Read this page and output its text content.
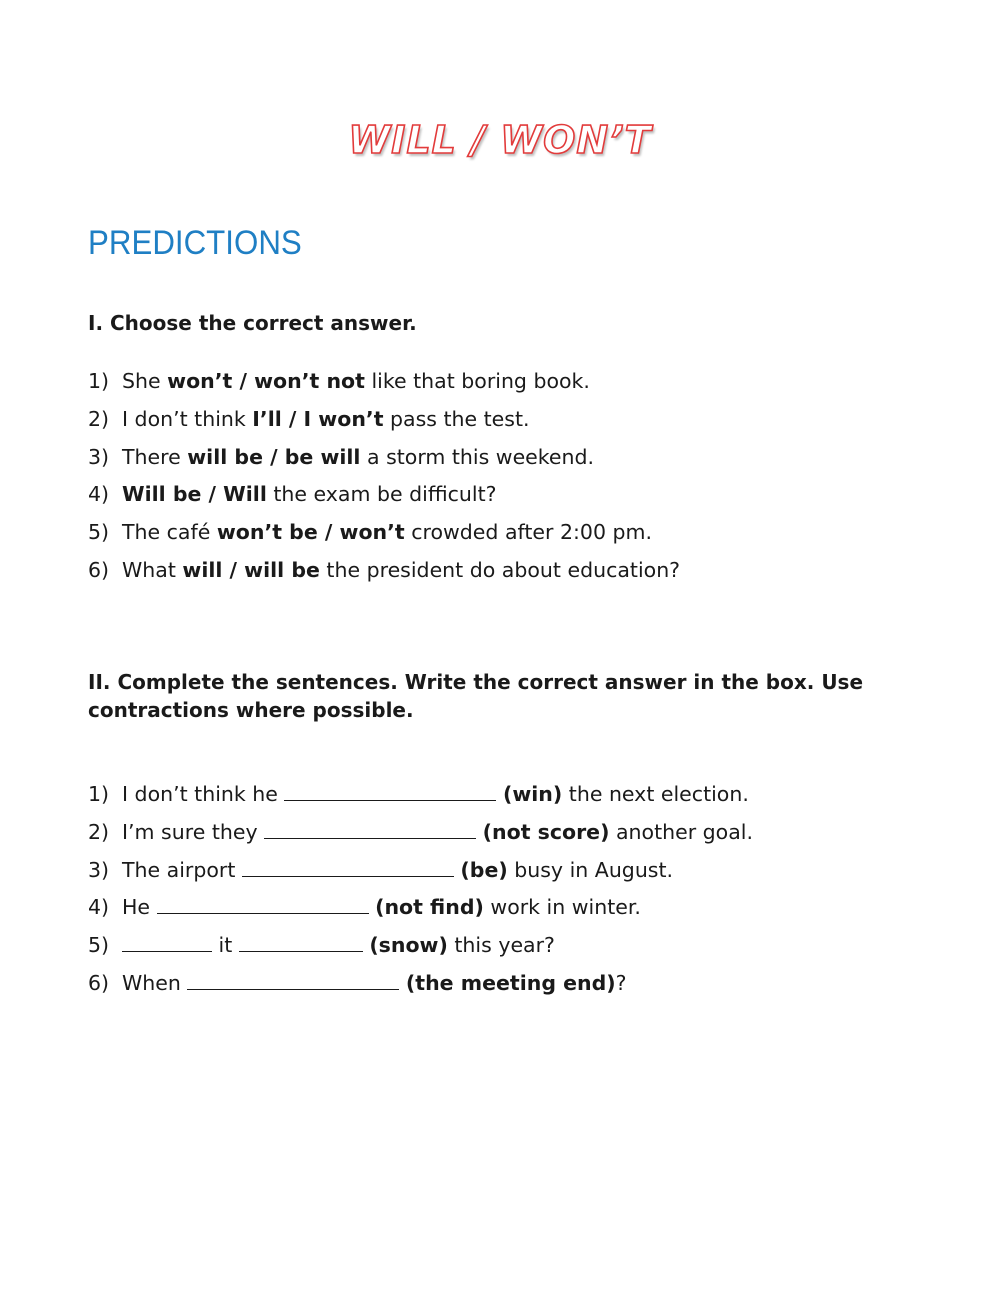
WILL / WON’T
PREDICTIONS

I. Choose the correct answer.

1) She won’t / won’t not like that boring book.
2) I don’t think I’ll / I won’t pass the test.
3) There will be / be will a storm this weekend.
4) Will be / Will the exam be difficult?
5) The café won’t be / won’t crowded after 2:00 pm.
6) What will / will be the president do about education?

II. Complete the sentences. Write the correct answer in the box. Use contractions where possible.

1) I don’t think he	(win) the next election.
2) I’m sure they	(not score) another goal.
3) The airport	(be) busy in August.
4) He	(not find) work in winter.
5)	it	(snow) this year?
6) When	(the meeting end)?
